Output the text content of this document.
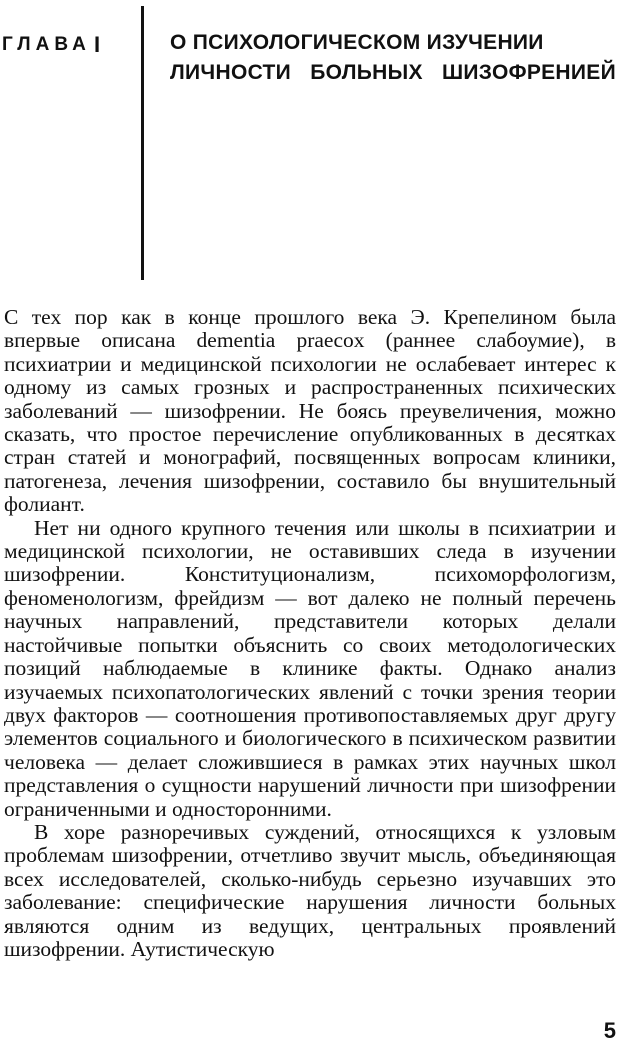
ГЛАВА I	О ПСИХОЛОГИЧЕСКОМ ИЗУЧЕНИИ
ЛИЧНОСТИ БОЛЬНЫХ ШИЗОФРЕНИЕЙ

С тех пор как в конце прошлого века Э. Крепелином была впервые описана dementia praecox (раннее слабоумие), в психиатрии и медицинской психологии не ослабевает интерес к одному из самых грозных и распространенных психических заболеваний — шизофрении. Не боясь преувеличения, можно сказать, что простое перечисление опубликованных в десятках стран статей и монографий, посвященных вопросам клиники, патогенеза, лечения шизофрении, составило бы внушительный фолиант.

Нет ни одного крупного течения или школы в психиатрии и медицинской психологии, не оставивших следа в изучении шизофрении. Конституционализм, психоморфологизм, феноменологизм, фрейдизм — вот далеко не полный перечень научных направлений, представители которых делали настойчивые попытки объяснить со своих методологических позиций наблюдаемые в клинике факты. Однако анализ изучаемых психопатологических явлений с точки зрения теории двух факторов — соотношения противопоставляемых друг другу элементов социального и биологического в психическом развитии человека — делает сложившиеся в рамках этих научных школ представления о сущности нарушений личности при шизофрении ограниченными и односторонними.

В хоре разноречивых суждений, относящихся к узловым проблемам шизофрении, отчетливо звучит мысль, объединяющая всех исследователей, сколько-нибудь серьезно изучавших это заболевание: специфические нарушения личности больных являются одним из ведущих, центральных проявлений шизофрении. Аутистическую

5
